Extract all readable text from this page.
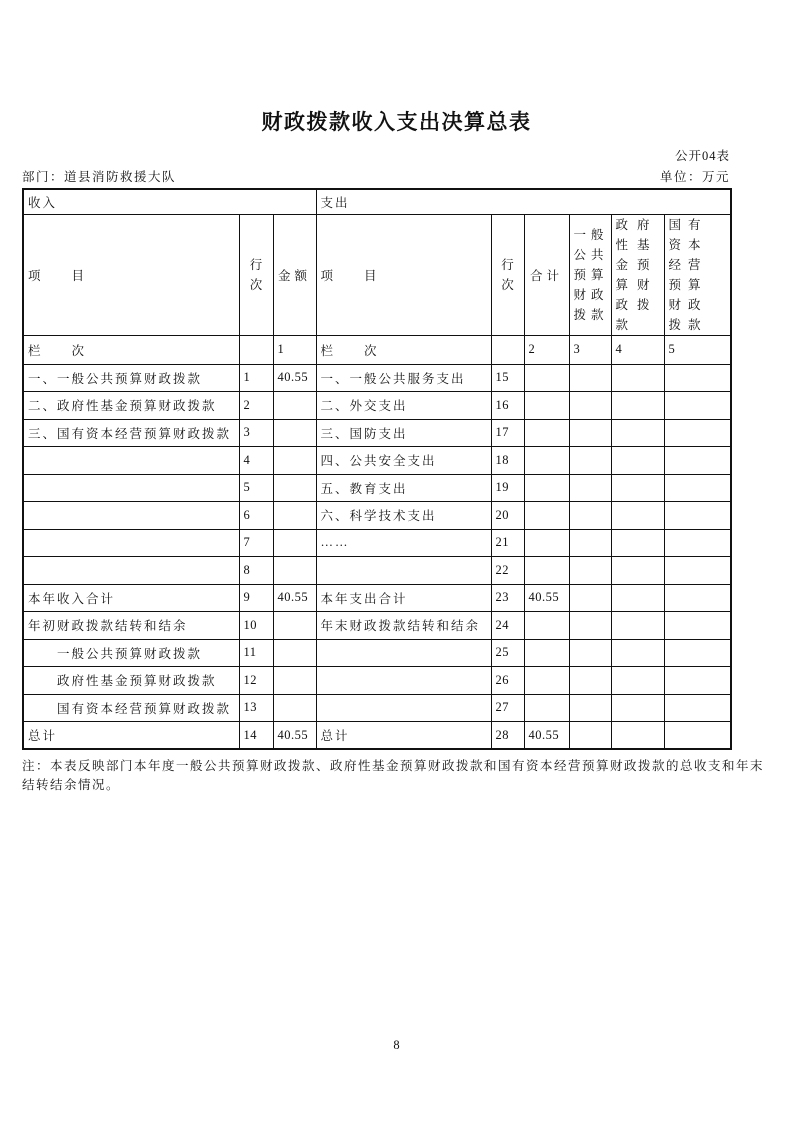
财政拨款收入支出决算总表
公开04表
部门：道县消防救援大队	单位：万元
收入			支出					
项　　目	行次	金额	项　　目	行次	合计	一般公共预算财政拨款	政府性基金预算财政拨款	国有资本经营预算财政拨款
栏　　次		1	栏　　次		2	3	4	5
一、一般公共预算财政拨款	1	40.55	一、一般公共服务支出	15				
二、政府性基金预算财政拨款	2		二、外交支出	16				
三、国有资本经营预算财政拨款	3		三、国防支出	17				
	4		四、公共安全支出	18				
	5		五、教育支出	19				
	6		六、科学技术支出	20				
	7		……	21				
	8			22				
本年收入合计	9	40.55	本年支出合计	23	40.55			
年初财政拨款结转和结余	10		年末财政拨款结转和结余	24				
　　一般公共预算财政拨款	11			25				
　　政府性基金预算财政拨款	12			26				
　　国有资本经营预算财政拨款	13			27				
总计	14	40.55	总计	28	40.55			
注：本表反映部门本年度一般公共预算财政拨款、政府性基金预算财政拨款和国有资本经营预算财政拨款的总收支和年末结转结余情况。
8
